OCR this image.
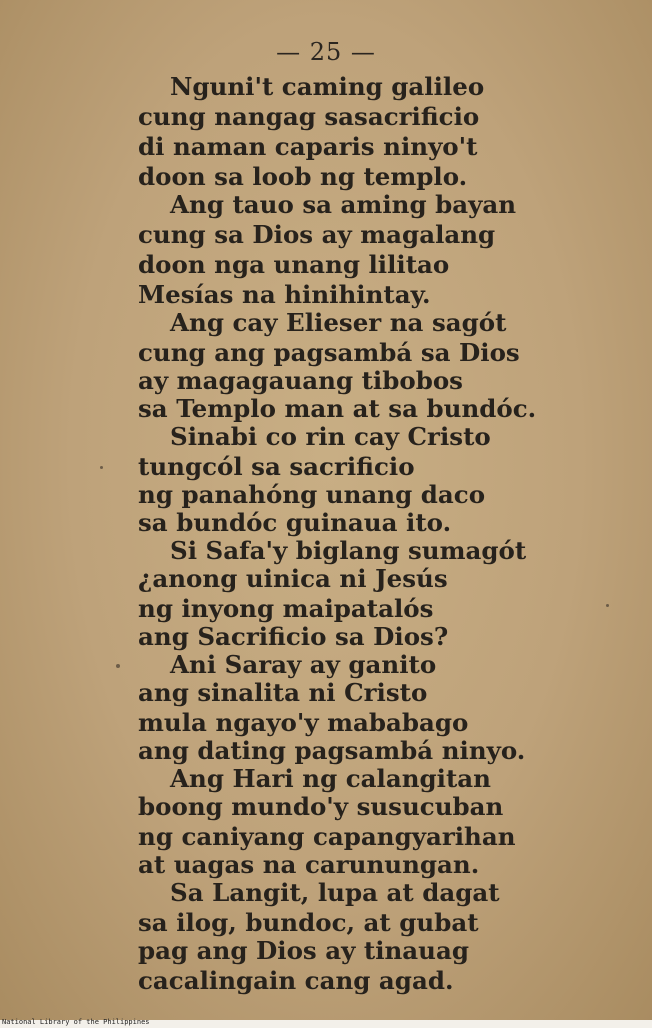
— 25 —
Nguni't caming galileo
cung nangag sasacrificio
di naman caparis ninyo't
doon sa loob ng templo.
Ang tauo sa aming bayan
cung sa Dios ay magalang
doon nga unang lilitao
Mesías na hinihintay.
Ang cay Elieser na sagót
cung ang pagsambá sa Dios
ay magagauang tibobos
sa Templo man at sa bundóc.
Sinabi co rin cay Cristo
tungcól sa sacrificio
ng panahóng unang daco
sa bundóc guinaua ito.
Si Safa'y biglang sumagót
¿anong uinica ni Jesús
ng inyong maipatalós
ang Sacrificio sa Dios?
Ani Saray ay ganito
ang sinalita ni Cristo
mula ngayo'y mababago
ang dating pagsambá ninyo.
Ang Hari ng calangitan
boong mundo'y susucuban
ng caniyang capangyarihan
at uagas na carunungan.
Sa Langit, lupa at dagat
sa ilog, bundoc, at gubat
pag ang Dios ay tinauag
cacalingain cang agad.
National Library of the Philippines
